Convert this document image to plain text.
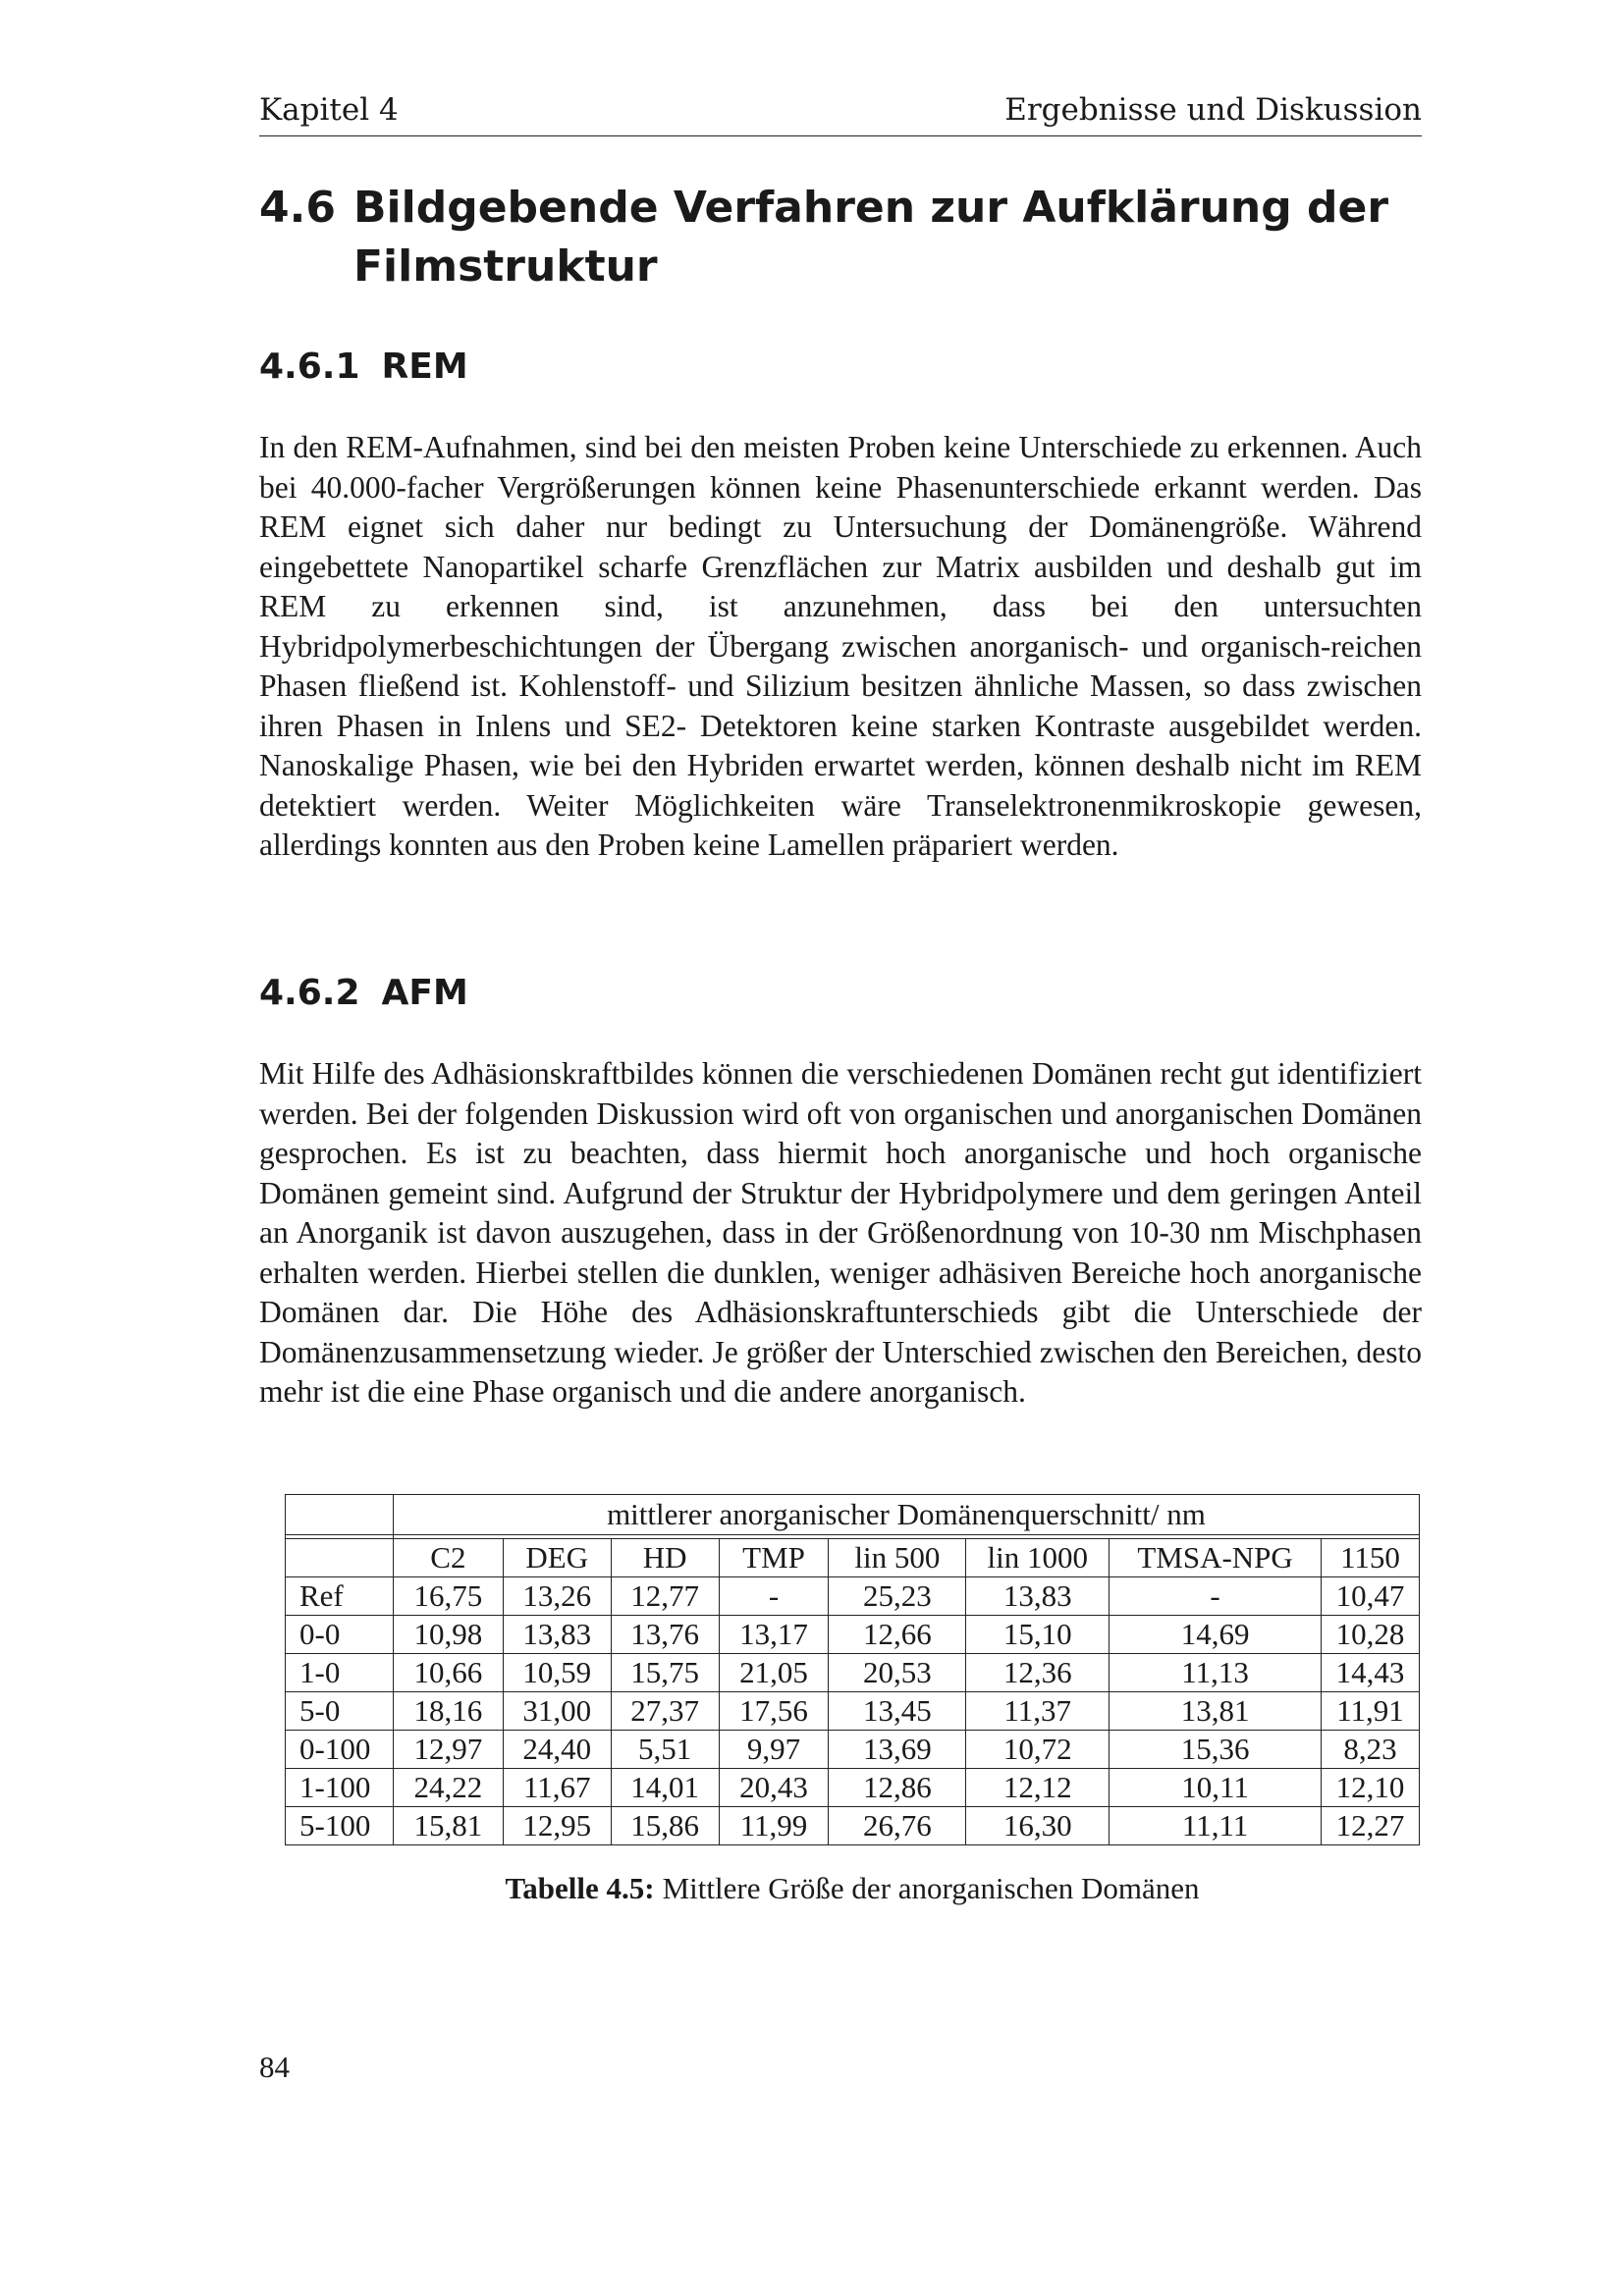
Kapitel 4	Ergebnisse und Diskussion
4.6 Bildgebende Verfahren zur Aufklärung der Filmstruktur
4.6.1 REM

In den REM-Aufnahmen, sind bei den meisten Proben keine Unterschiede zu erkennen. Auch bei 40.000-facher Vergrößerungen können keine Phasenunterschiede erkannt werden. Das REM eignet sich daher nur bedingt zu Untersuchung der Domänengröße. Während eingebettete Nanopartikel scharfe Grenzflächen zur Matrix ausbilden und deshalb gut im REM zu erkennen sind, ist anzunehmen, dass bei den untersuchten Hybridpolymerbeschichtungen der Übergang zwischen anorganisch- und organisch-reichen Phasen fließend ist. Kohlenstoff- und Silizium besitzen ähnliche Massen, so dass zwischen ihren Phasen in Inlens und SE2- Detektoren keine starken Kontraste ausgebildet werden. Nanoskalige Phasen, wie bei den Hybriden erwartet werden, können deshalb nicht im REM detektiert werden. Weiter Möglichkeiten wäre Transelektronenmikroskopie gewesen, allerdings konnten aus den Proben keine Lamellen präpariert werden.

4.6.2 AFM

Mit Hilfe des Adhäsionskraftbildes können die verschiedenen Domänen recht gut identifiziert werden. Bei der folgenden Diskussion wird oft von organischen und anorganischen Domänen gesprochen. Es ist zu beachten, dass hiermit hoch anorganische und hoch organische Domänen gemeint sind. Aufgrund der Struktur der Hybridpolymere und dem geringen Anteil an Anorganik ist davon auszugehen, dass in der Größenordnung von 10-30 nm Mischphasen erhalten werden. Hierbei stellen die dunklen, weniger adhäsiven Bereiche hoch anorganische Domänen dar. Die Höhe des Adhäsionskraftunterschieds gibt die Unterschiede der Domänenzusammensetzung wieder. Je größer der Unterschied zwischen den Bereichen, desto mehr ist die eine Phase organisch und die andere anorganisch.

	mittlerer anorganischer Domänenquerschnitt/ nm							

	C2	DEG	HD	TMP	lin 500	lin 1000	TMSA-NPG	1150
Ref	16,75	13,26	12,77	-	25,23	13,83	-	10,47
0-0	10,98	13,83	13,76	13,17	12,66	15,10	14,69	10,28
1-0	10,66	10,59	15,75	21,05	20,53	12,36	11,13	14,43
5-0	18,16	31,00	27,37	17,56	13,45	11,37	13,81	11,91
0-100	12,97	24,40	5,51	9,97	13,69	10,72	15,36	8,23
1-100	24,22	11,67	14,01	20,43	12,86	12,12	10,11	12,10
5-100	15,81	12,95	15,86	11,99	26,76	16,30	11,11	12,27
Tabelle 4.5: Mittlere Größe der anorganischen Domänen
84
